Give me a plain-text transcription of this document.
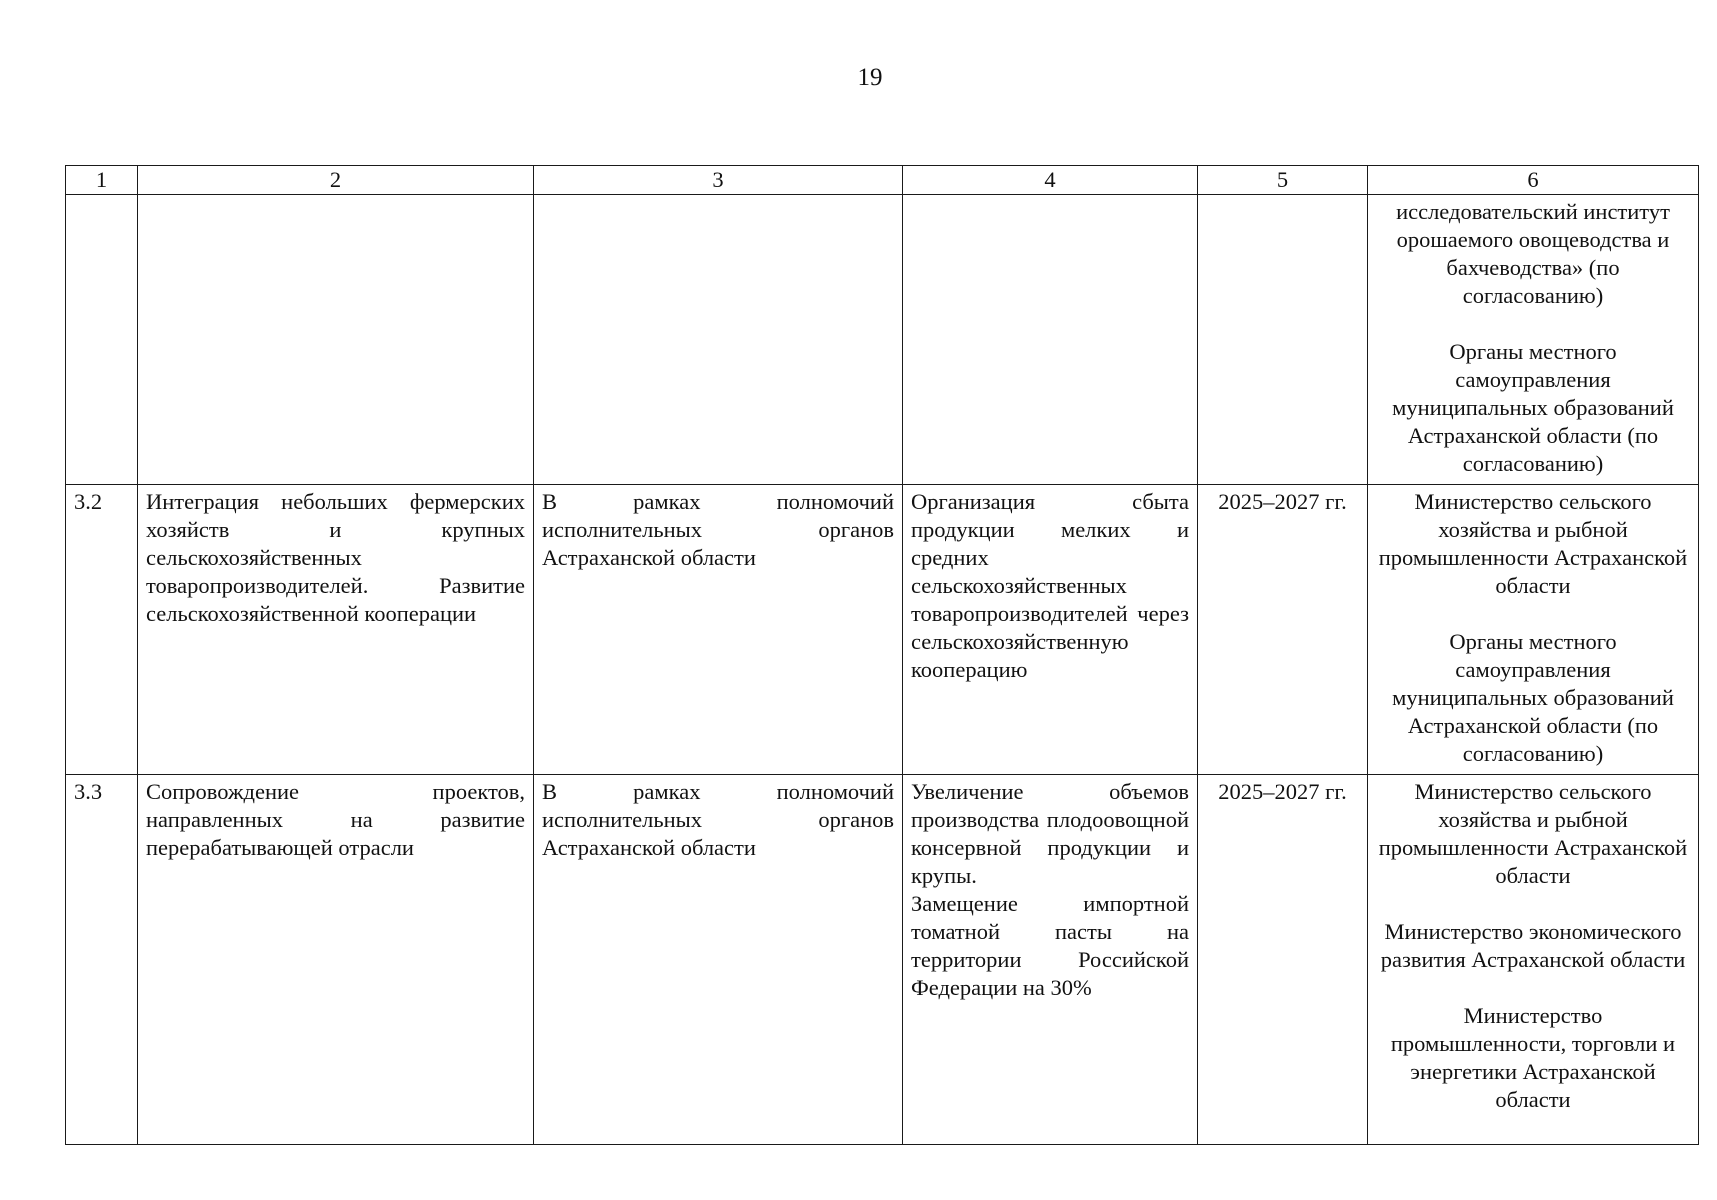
19
1	2	3	4	5	6

					исследовательский институт орошаемого овощеводства и бахчеводства» (по согласованию)
Органы местного самоуправления муниципальных образований Астраханской области (по согласованию)

3.2	Интеграция небольших фермерских хозяйств и крупных сельскохозяйственных товаропроизводителей. Развитие сельскохозяйственной кооперации	В рамках полномочий исполнительных органов Астраханской области	Организация сбыта продукции мелких и средних сельскохозяйственных товаропроизводителей через сельскохозяйственную кооперацию	2025–2027 гг.	Министерство сельского хозяйства и рыбной промышленности Астраханской области
Органы местного самоуправления муниципальных образований Астраханской области (по согласованию)

3.3	Сопровождение проектов, направленных на развитие перерабатывающей отрасли	В рамках полномочий исполнительных органов Астраханской области	Увеличение объемов производства плодоовощной консервной продукции и крупы.
Замещение импортной томатной пасты на территории Российской Федерации на 30%	2025–2027 гг.	Министерство сельского хозяйства и рыбной промышленности Астраханской области
Министерство экономического развития Астраханской области
Министерство промышленности, торговли и энергетики Астраханской области
